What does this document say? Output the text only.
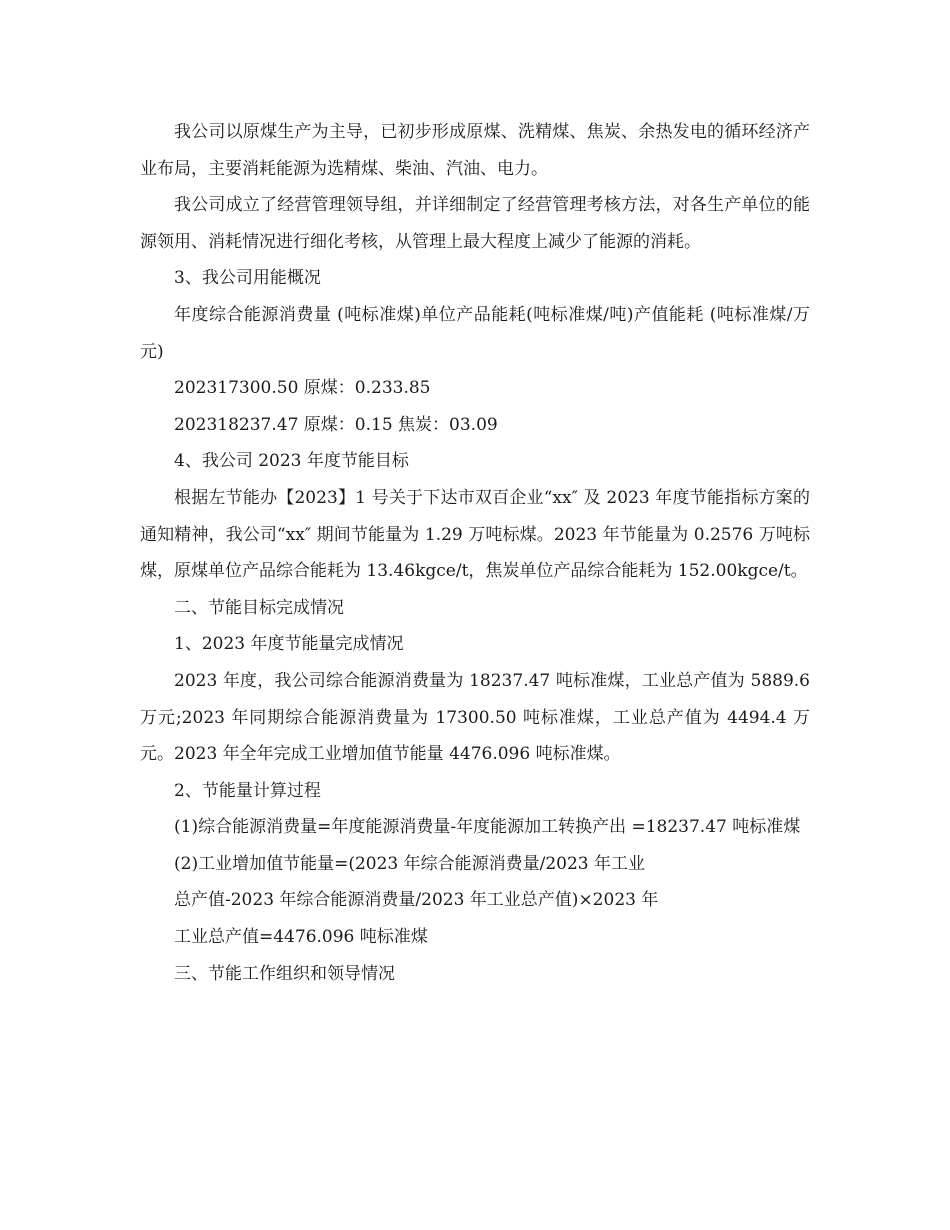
我公司以原煤生产为主导，已初步形成原煤、洗精煤、焦炭、余热发电的循环经济产业布局，主要消耗能源为选精煤、柴油、汽油、电力。

我公司成立了经营管理领导组，并详细制定了经营管理考核方法，对各生产单位的能源领用、消耗情况进行细化考核，从管理上最大程度上减少了能源的消耗。

3、我公司用能概况

年度综合能源消费量 (吨标准煤)单位产品能耗(吨标准煤/吨)产值能耗 (吨标准煤/万元)

202317300.50 原煤：0.233.85

202318237.47 原煤：0.15 焦炭：03.09

4、我公司 2023 年度节能目标

根据左节能办【2023】1 号关于下达市双百企业“xx″ 及 2023 年度节能指标方案的通知精神，我公司“xx″ 期间节能量为 1.29 万吨标煤。2023 年节能量为 0.2576 万吨标煤，原煤单位产品综合能耗为 13.46kgce/t，焦炭单位产品综合能耗为 152.00kgce/t。

二、节能目标完成情况

1、2023 年度节能量完成情况

2023 年度，我公司综合能源消费量为 18237.47 吨标准煤，工业总产值为 5889.6 万元;2023 年同期综合能源消费量为 17300.50 吨标准煤，工业总产值为 4494.4 万元。2023 年全年完成工业增加值节能量 4476.096 吨标准煤。

2、节能量计算过程

(1)综合能源消费量=年度能源消费量-年度能源加工转换产出 =18237.47 吨标准煤

(2)工业增加值节能量=(2023 年综合能源消费量/2023 年工业

总产值-2023 年综合能源消费量/2023 年工业总产值)×2023 年

工业总产值=4476.096 吨标准煤

三、节能工作组织和领导情况
